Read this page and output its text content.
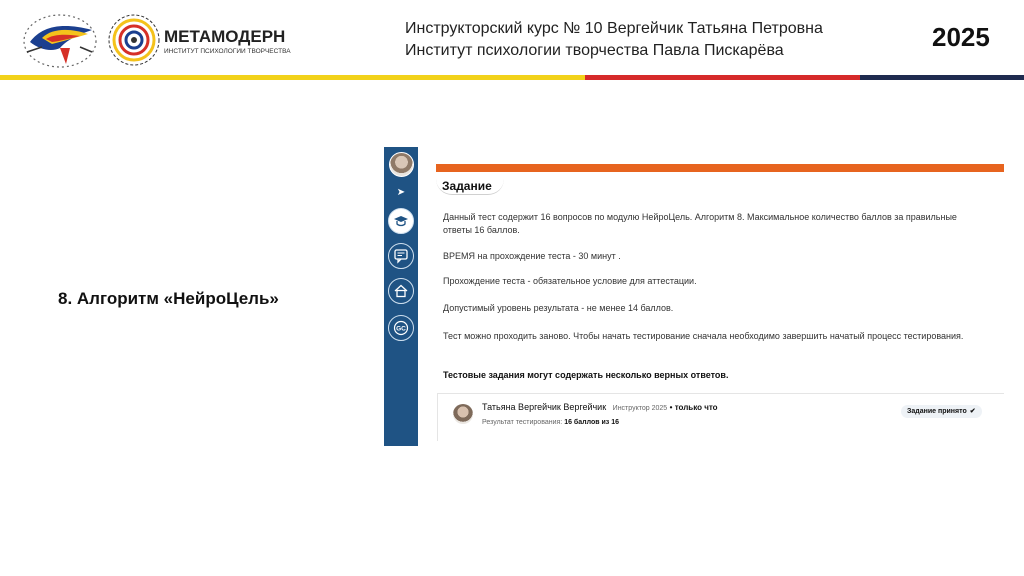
МЕТАМОДЕРН
ИНСТИТУТ ПСИХОЛОГИИ ТВОРЧЕСТВА
Инструкторский курс № 10 Вергейчик Татьяна Петровна
Институт психологии творчества Павла Пискарёва	2025
8. Алгоритм «НейроЦель»
➤
GC
Задание
Данный тест содержит 16 вопросов по модулю НейроЦель. Алгоритм 8. Максимальное количество баллов за правильные ответы 16 баллов.
ВРЕМЯ на прохождение теста - 30 минут .
Прохождение теста - обязательное условие для аттестации.
Допустимый уровень результата - не менее 14 баллов.
Тест можно проходить заново. Чтобы начать тестирование сначала необходимо завершить начатый процесс тестирования.
Тестовые задания могут содержать несколько верных ответов.
Татьяна Вергейчик Вергейчик Инструктор 2025 • только что
Результат тестирования: 16 баллов из 16
Задание принято ✔
